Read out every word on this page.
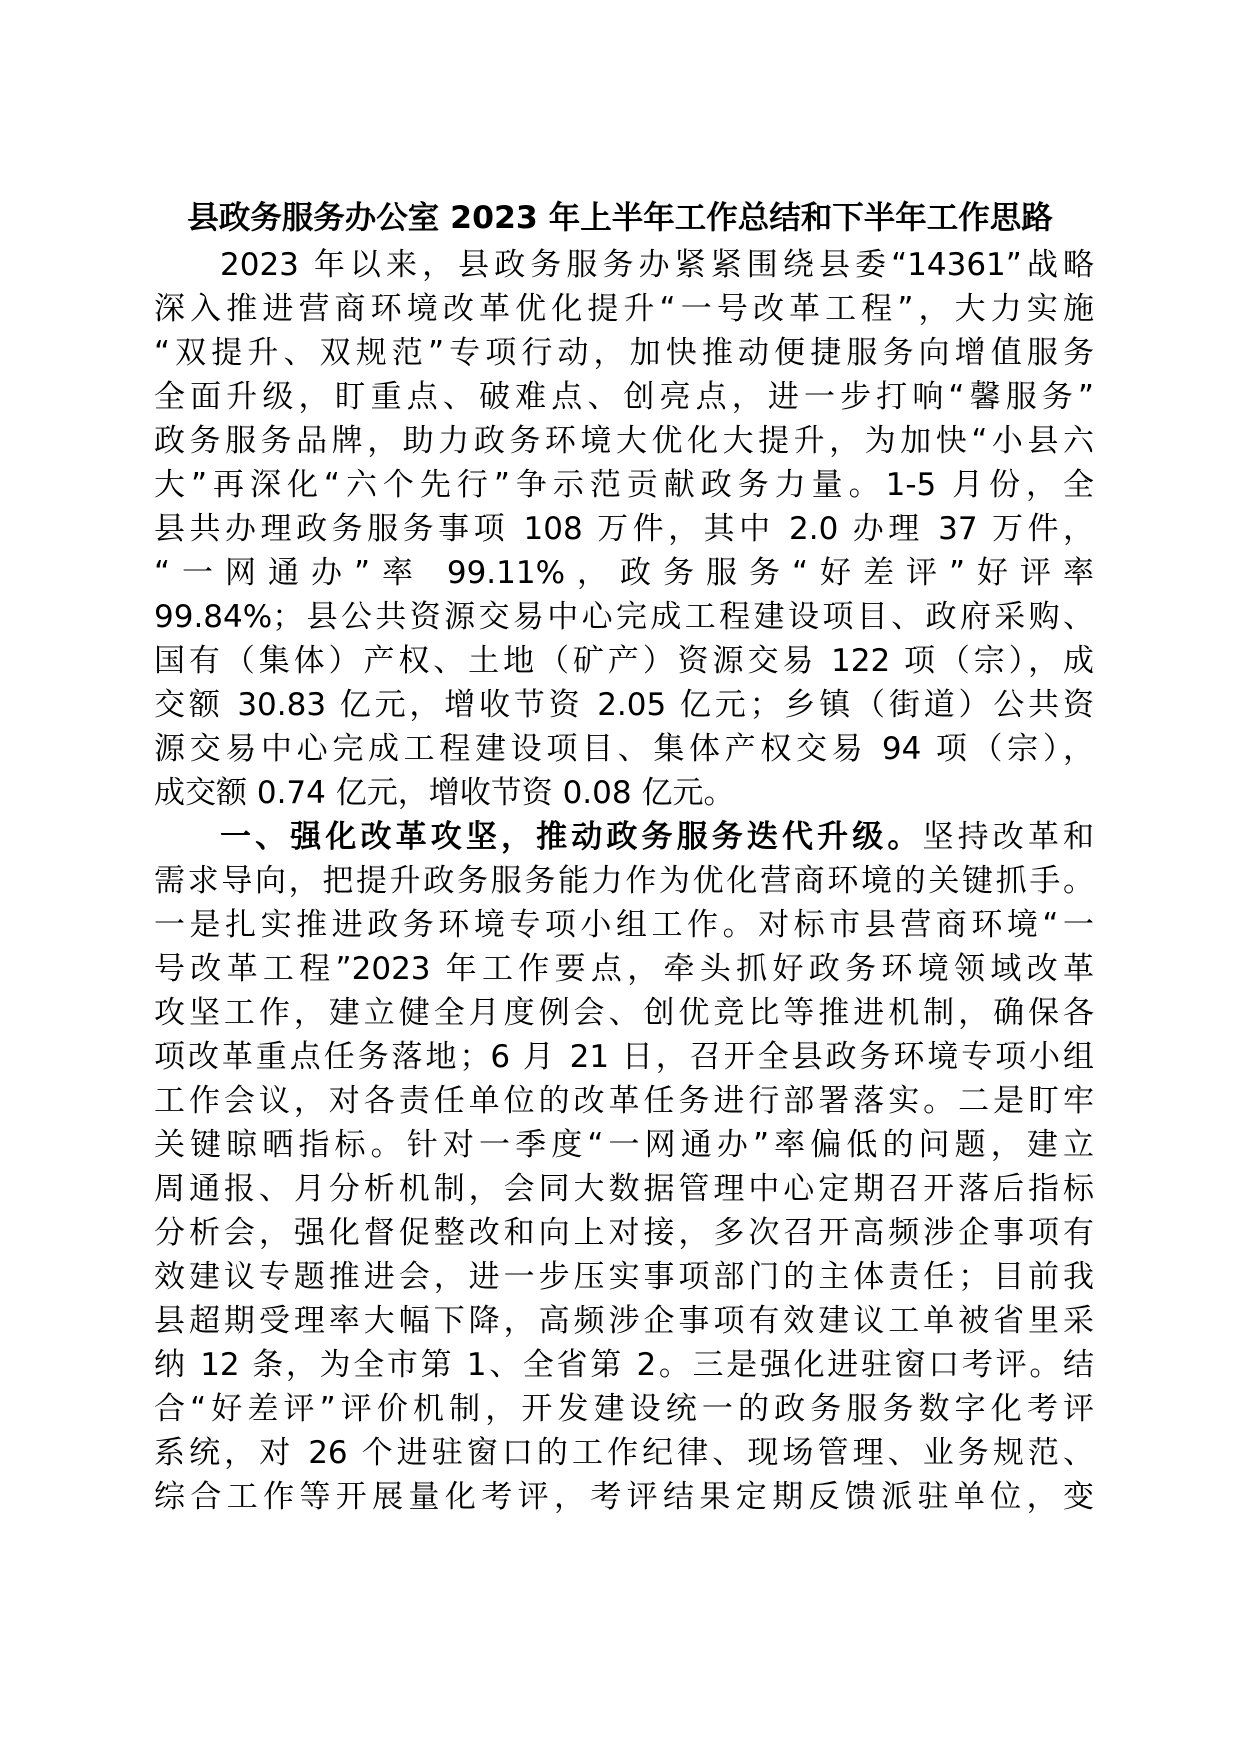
县政务服务办公室 2023 年上半年工作总结和下半年工作思路
2023 年以来，县政务服务办紧紧围绕县委“14361”战略
深入推进营商环境改革优化提升“一号改革工程”，大力实施
“双提升、双规范”专项行动，加快推动便捷服务向增值服务
全面升级，盯重点、破难点、创亮点，进一步打响“馨服务”
政务服务品牌，助力政务环境大优化大提升，为加快“小县六
大”再深化“六个先行”争示范贡献政务力量。1-5 月份，全
县共办理政务服务事项 108 万件，其中 2.0 办理 37 万件，
“一网通办”率 99.11%，政务服务“好差评”好评率
99.84%；县公共资源交易中心完成工程建设项目、政府采购、
国有（集体）产权、土地（矿产）资源交易 122 项（宗），成
交额 30.83 亿元，增收节资 2.05 亿元；乡镇（街道）公共资
源交易中心完成工程建设项目、集体产权交易 94 项（宗），
成交额 0.74 亿元，增收节资 0.08 亿元。
一、强化改革攻坚，推动政务服务迭代升级。坚持改革和
需求导向，把提升政务服务能力作为优化营商环境的关键抓手。
一是扎实推进政务环境专项小组工作。对标市县营商环境“一
号改革工程”2023 年工作要点，牵头抓好政务环境领域改革
攻坚工作，建立健全月度例会、创优竞比等推进机制，确保各
项改革重点任务落地；6 月 21 日，召开全县政务环境专项小组
工作会议，对各责任单位的改革任务进行部署落实。二是盯牢
关键晾晒指标。针对一季度“一网通办”率偏低的问题，建立
周通报、月分析机制，会同大数据管理中心定期召开落后指标
分析会，强化督促整改和向上对接，多次召开高频涉企事项有
效建议专题推进会，进一步压实事项部门的主体责任；目前我
县超期受理率大幅下降，高频涉企事项有效建议工单被省里采
纳 12 条，为全市第 1、全省第 2。三是强化进驻窗口考评。结
合“好差评”评价机制，开发建设统一的政务服务数字化考评
系统，对 26 个进驻窗口的工作纪律、现场管理、业务规范、
综合工作等开展量化考评，考评结果定期反馈派驻单位，变
